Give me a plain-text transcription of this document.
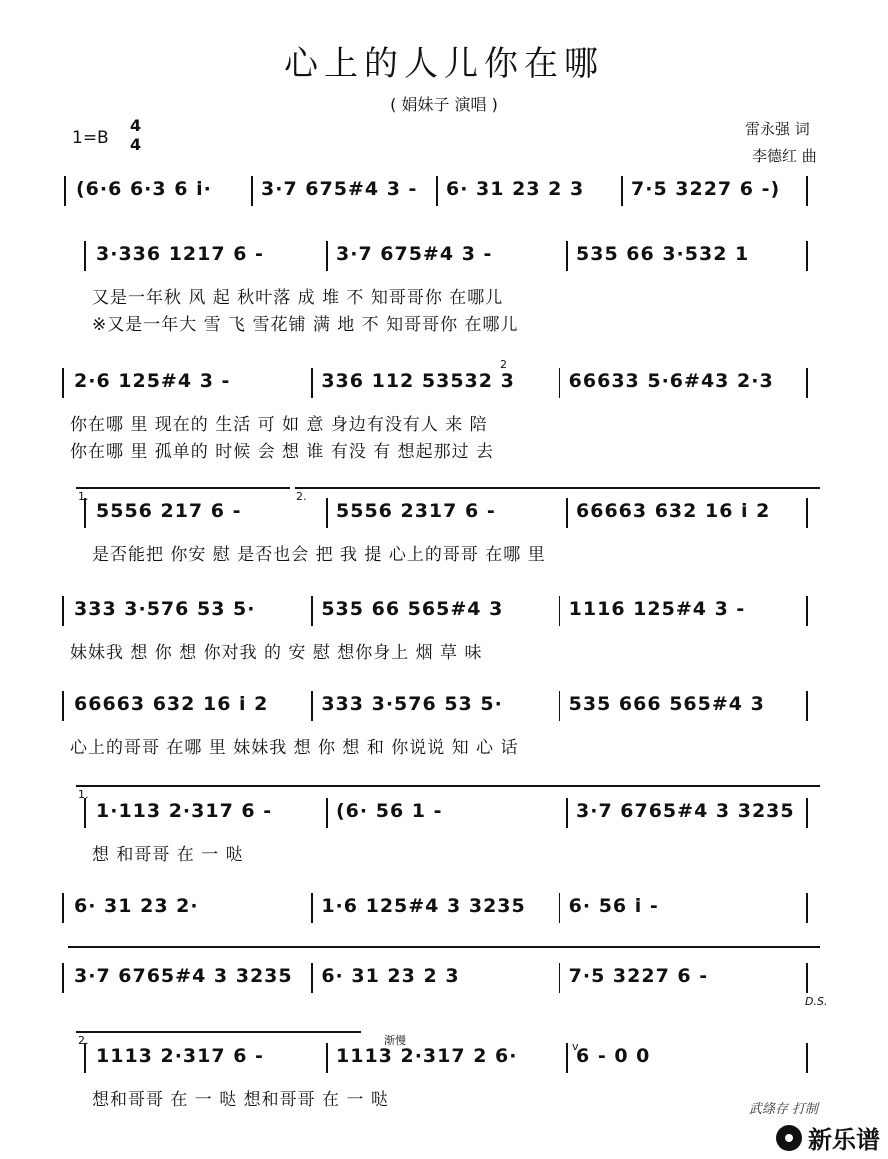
心上的人儿你在哪
( 娟妹子 演唱 )
1=B
4
4
雷永强 词
李德红 曲
(6·6 6·3 6 i·	3·7 675#4 3 - 6· 31 23 2 3 7·5 3227 6 -)
3·336 1217 6 -	3·7 675#4 3 -	535 66 3·532 1
又是一年秋 风 起 秋叶落 成 堆 不 知哥哥你 在哪儿
※又是一年大 雪 飞 雪花铺 满 地 不 知哥哥你 在哪儿
2·6 125#4 3 -	336 112 53532 3	66633 5·6#43 2·3
你在哪 里 现在的 生活 可 如 意 身边有没有人 来 陪
你在哪 里 孤单的 时候 会 想 谁 有没 有 想起那过 去
5556 217 6 -	5556 2317 6 -	66663 632 16 i 2
是否能把 你安 慰 是否也会 把 我 提 心上的哥哥 在哪 里
333 3·576 53 5·	535 66 565#4 3	1116 125#4 3 -
妹妹我 想 你 想 你对我 的 安 慰 想你身上 烟 草 味
66663 632 16 i 2	333 3·576 53 5·	535 666 565#4 3
心上的哥哥 在哪 里 妹妹我 想 你 想 和 你说说 知 心 话
1·113 2·317 6 -	(6· 56 1 -	3·7 6765#4 3 3235
想 和哥哥 在 一 哒
6· 31 23 2·	1·6 125#4 3 3235 6· 56 i -
3·7 6765#4 3 3235 6· 31 23 2 3	7·5 3227 6 -
1113 2·317 6 -	1113 2·317 2 6·	6 - 0 0
想和哥哥 在 一 哒 想和哥哥 在 一 哒
1.	2.
1.
2.
D.S.
渐慢
2
v
武绦存 打制
新乐谱
